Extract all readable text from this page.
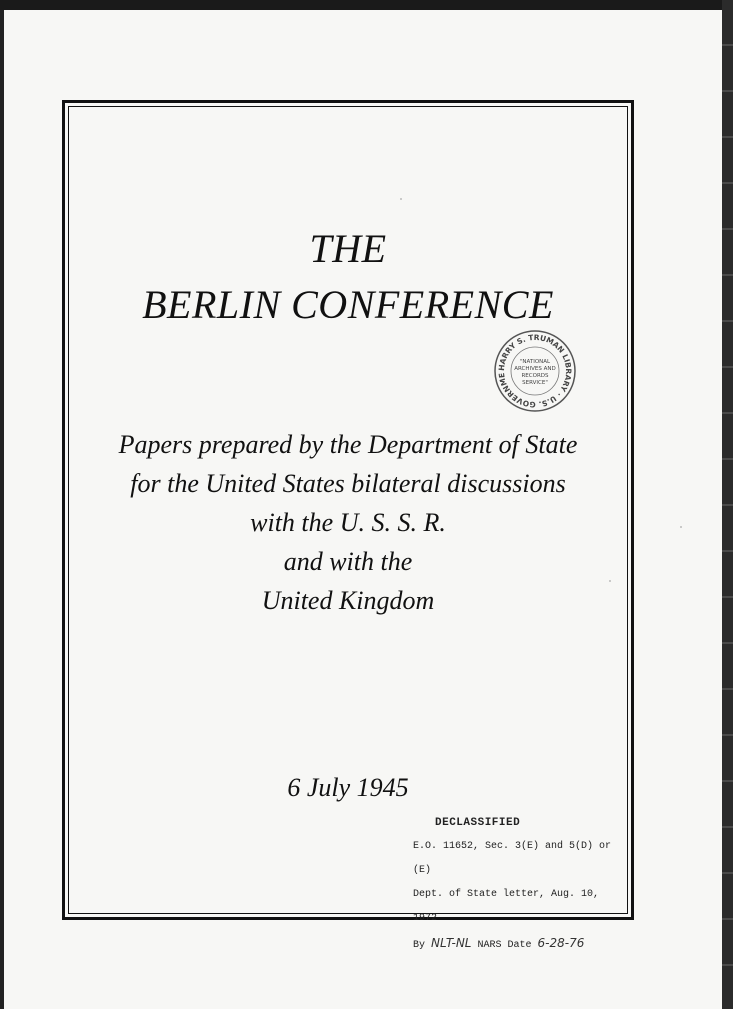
THE
BERLIN CONFERENCE
HARRY S. TRUMAN LIBRARY · U.S. GOVERNME
"NATIONAL
ARCHIVES AND
RECORDS
SERVICE"
Papers prepared by the Department of State
for the United States bilateral discussions
with the U. S. S. R.
and with the
United Kingdom
6 July 1945
DECLASSIFIED
E.O. 11652, Sec. 3(E) and 5(D) or (E)
Dept. of State letter, Aug. 10, 1972
By NLT-NL NARS Date 6-28-76
